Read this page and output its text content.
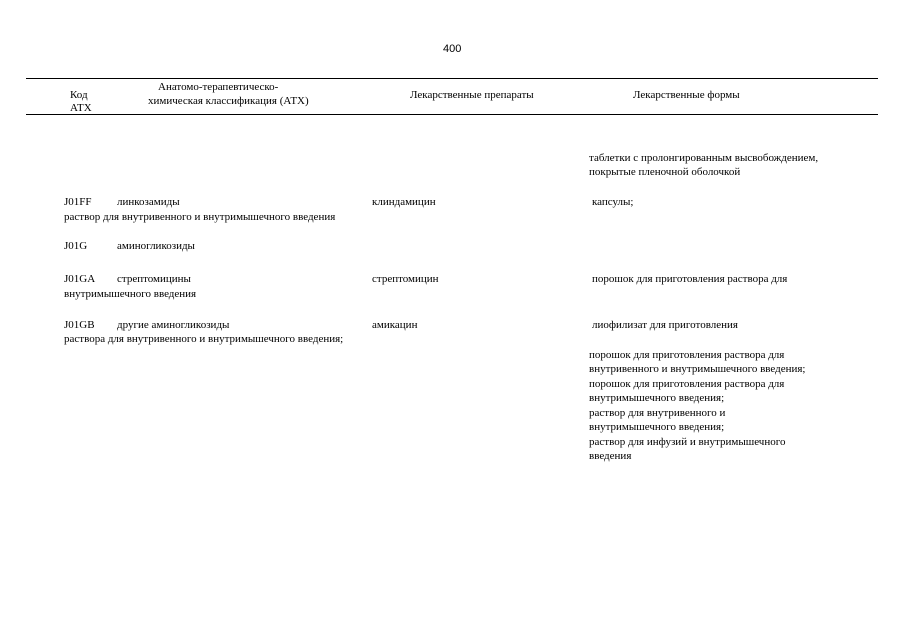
400
Код
АТХ
Анатомо-терапевтическо-
химическая классификация (АТХ)	Лекарственные препараты	Лекарственные формы
таблетки с пролонгированным высвобождением,
покрытые пленочной оболочкой
J01FF линкозамиды	клиндамицин	капсулы;
раствор для внутривенного и внутримышечного введения
J01G	аминогликозиды
J01GA стрептомицины	стрептомицин	порошок для приготовления раствора для
внутримышечного введения
J01GB другие аминогликозиды	амикацин	лиофилизат для приготовления
раствора для внутривенного и внутримышечного введения;
порошок для приготовления раствора для
внутривенного и внутримышечного введения;
порошок для приготовления раствора для
внутримышечного введения;
раствор для внутривенного и
внутримышечного введения;
раствор для инфузий и внутримышечного
введения
